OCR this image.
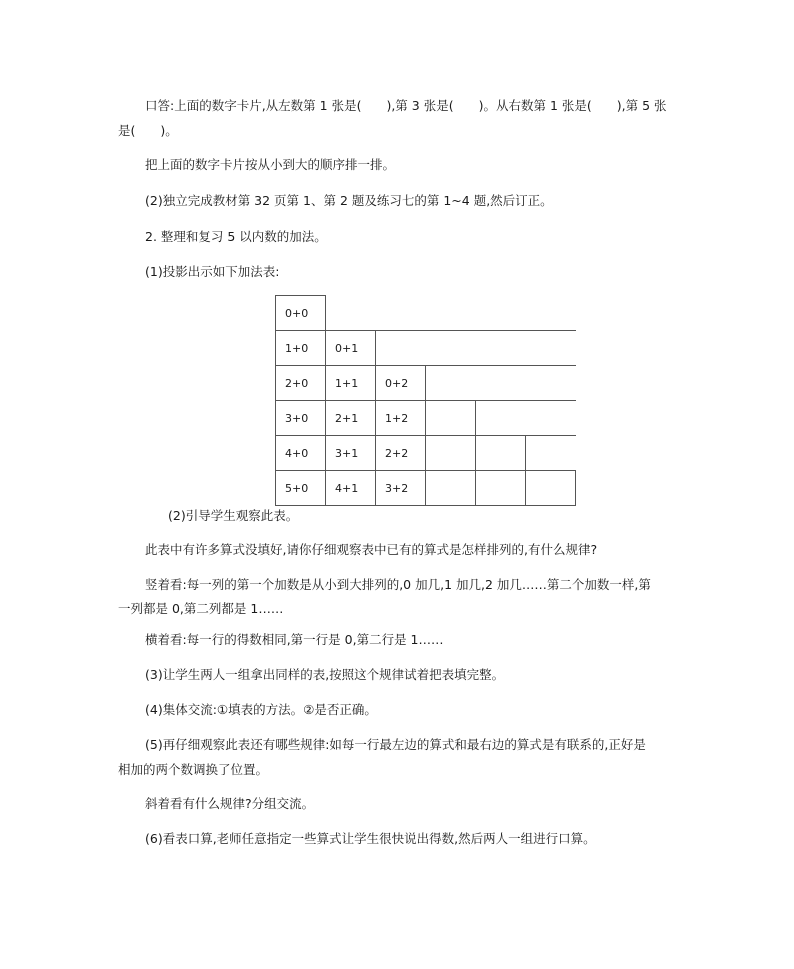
口答:上面的数字卡片,从左数第 1 张是(　　),第 3 张是(　　)。从右数第 1 张是(　　),第 5 张
是(　　)。
把上面的数字卡片按从小到大的顺序排一排。
(2)独立完成教材第 32 页第 1、第 2 题及练习七的第 1~4 题,然后订正。
2. 整理和复习 5 以内数的加法。
(1)投影出示如下加法表:
0+0					
1+0	0+1				
2+0	1+1	0+2			
3+0	2+1	1+2			
4+0	3+1	2+2			
5+0	4+1	3+2			
(2)引导学生观察此表。
此表中有许多算式没填好,请你仔细观察表中已有的算式是怎样排列的,有什么规律?
竖着看:每一列的第一个加数是从小到大排列的,0 加几,1 加几,2 加几……第二个加数一样,第
一列都是 0,第二列都是 1……
横着看:每一行的得数相同,第一行是 0,第二行是 1……
(3)让学生两人一组拿出同样的表,按照这个规律试着把表填完整。
(4)集体交流:①填表的方法。②是否正确。
(5)再仔细观察此表还有哪些规律:如每一行最左边的算式和最右边的算式是有联系的,正好是
相加的两个数调换了位置。
斜着看有什么规律?分组交流。
(6)看表口算,老师任意指定一些算式让学生很快说出得数,然后两人一组进行口算。
